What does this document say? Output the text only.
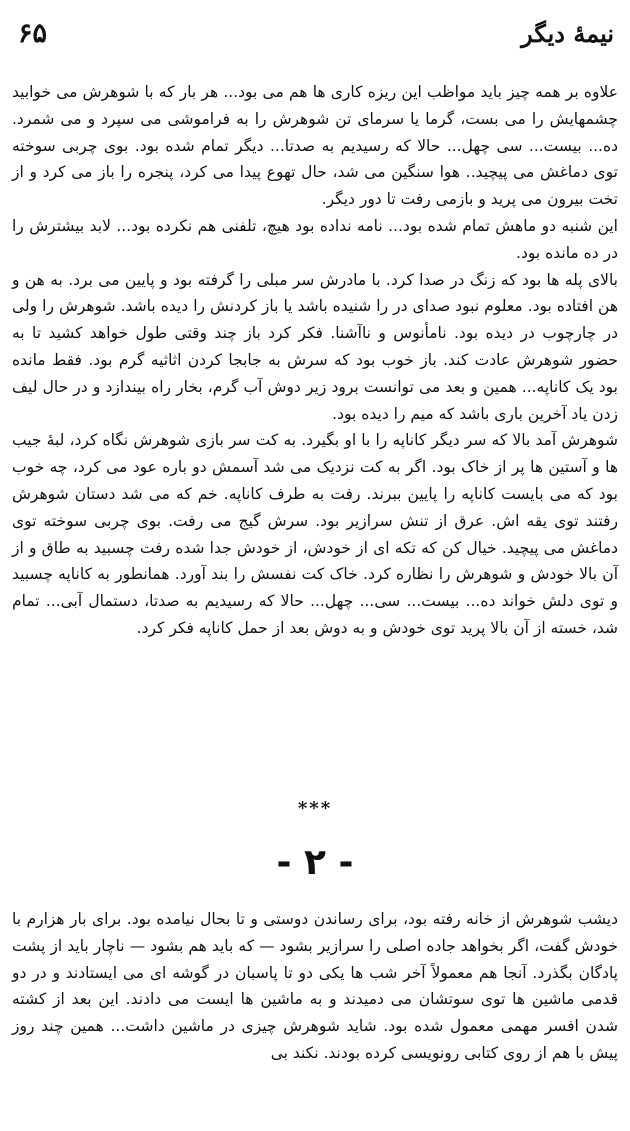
۶۵	نیمهٔ دیگر

علاوه بر همه چیز باید مواظب این ریزه کاری ها هم می بود... هر بار که با شوهرش می خوابید چشمهایش را می بست، گرما یا سرمای تن شوهرش را به فراموشی می سپرد و می شمرد. ده... بیست... سی چهل... حالا که رسیدیم به صدتا... دیگر تمام شده بود. بوی چربی سوخته توی دماغش می پیچید.. هوا سنگین می شد، حال تهوع پیدا می کرد، پنجره را باز می کرد و از تخت بیرون می پرید و بازمی رفت تا دور دیگر.

این شنبه دو ماهش تمام شده بود... نامه نداده بود هیچ، تلفنی هم نکرده بود... لابد بیشترش را در ده مانده بود.

بالای پله ها بود که زنگ در صدا کرد. با مادرش سر مبلی را گرفته بود و پایین می برد. به هن و هن افتاده بود. معلوم نبود صدای در را شنیده باشد یا باز کردنش را دیده باشد. شوهرش را ولی در چارچوب در دیده بود. نامأنوس و ناآشنا. فکر کرد باز چند وقتی طول خواهد کشید تا به حضور شوهرش عادت کند. باز خوب بود که سرش به جابجا کردن اثاثیه گرم بود. فقط مانده بود یک کاناپه... همین و بعد می توانست برود زیر دوش آب گرم، بخار راه بیندازد و در حال لیف زدن یاد آخرین باری باشد که میم را دیده بود.

شوهرش آمد بالا که سر دیگر کاناپه را با او بگیرد. به کت سر بازی شوهرش نگاه کرد، لبهٔ جیب ها و آستین ها پر از خاک بود. اگر به کت نزدیک می شد آسمش دو باره عود می کرد، چه خوب بود که می بایست کاناپه را پایین ببرند. رفت به طرف کاناپه. خم که می شد دستان شوهرش رفتند توی یقه اش. عرق از تنش سرازیر بود. سرش گیج می رفت. بوی چربی سوخته توی دماغش می پیچید. خیال کن که تکه ای از خودش، از خودش جدا شده رفت چسبید به طاق و از آن بالا خودش و شوهرش را نظاره کرد. خاک کت نفسش را بند آورد. همانطور به کاناپه چسبید و توی دلش خواند ده... بیست... سی... چهل... حالا که رسیدیم به صدتا، دستمال آبی... تمام شد، خسته از آن بالا پرید توی خودش و به دوش بعد از حمل کاناپه فکر کرد.

***
- ۲ -

دیشب شوهرش از خانه رفته بود، برای رساندن دوستی و تا بحال نیامده بود. برای بار هزارم با خودش گفت، اگر بخواهد جاده اصلی را سرازیر بشود — که باید هم بشود — ناچار باید از پشت پادگان بگذرد. آنجا هم معمولاً آخر شب ها یکی دو تا پاسبان در گوشه ای می ایستادند و در دو قدمی ماشین ها توی سوتشان می دمیدند و به ماشین ها ایست می دادند. این بعد از کشته شدن افسر مهمی معمول شده بود. شاید شوهرش چیزی در ماشین داشت... همین چند روز پیش با هم از روی کتابی رونویسی کرده بودند. نکند بی
